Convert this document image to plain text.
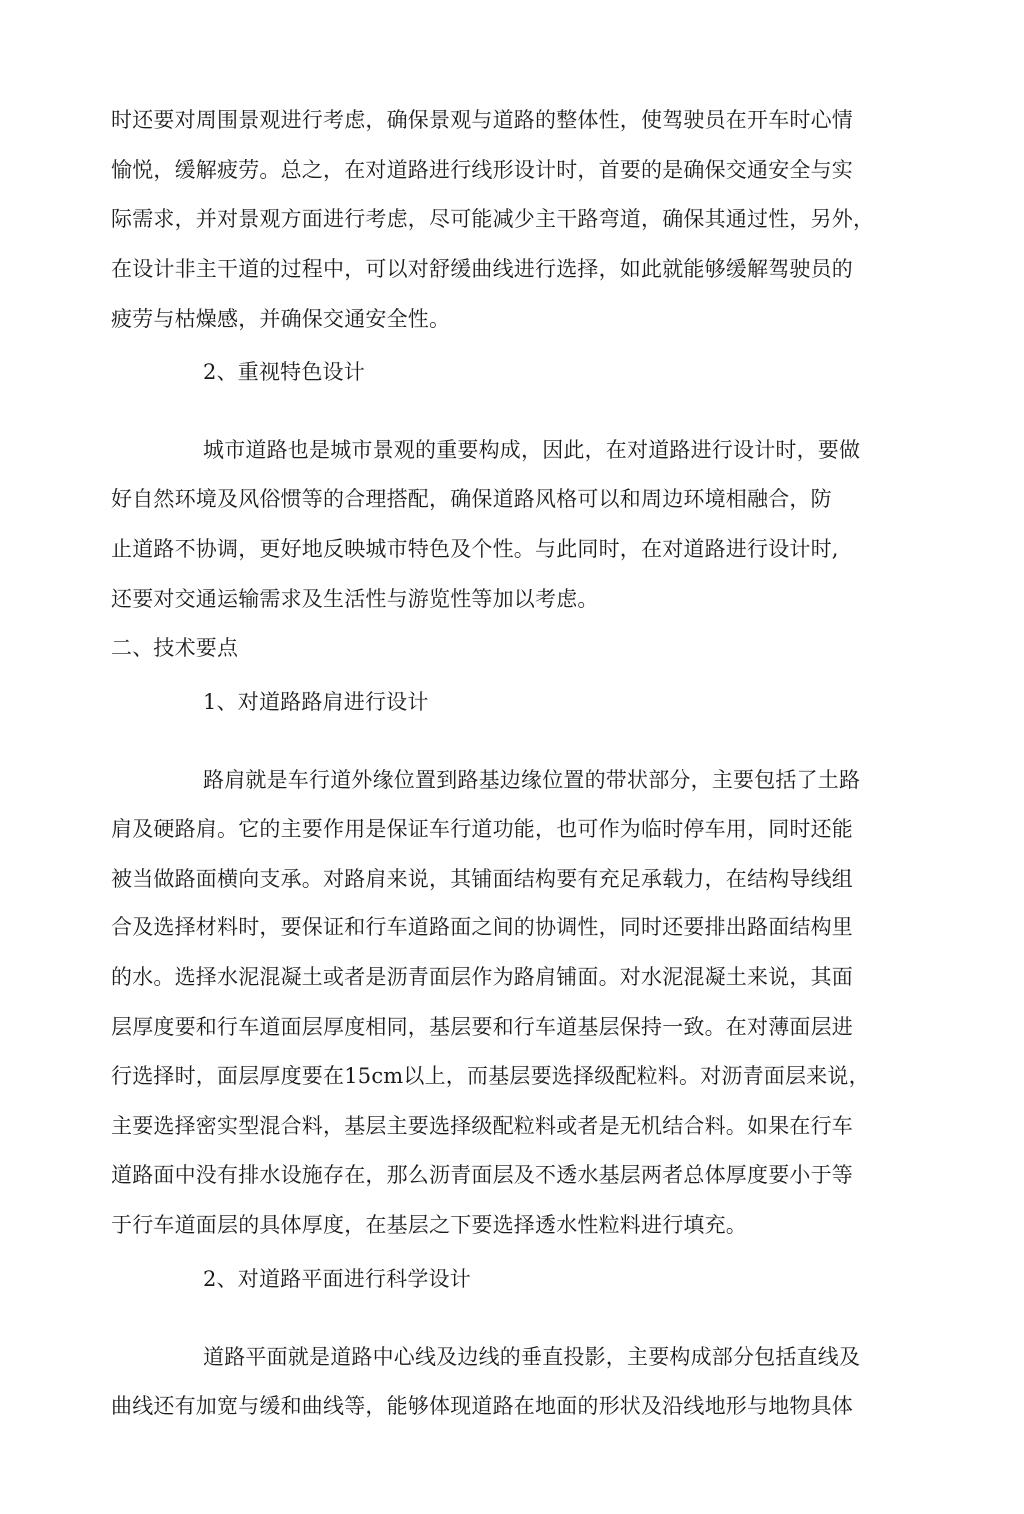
时还要对周围景观进行考虑，确保景观与道路的整体性，使驾驶员在开车时心情
愉悦，缓解疲劳。总之，在对道路进行线形设计时，首要的是确保交通安全与实
际需求，并对景观方面进行考虑，尽可能减少主干路弯道，确保其通过性，另外，
在设计非主干道的过程中，可以对舒缓曲线进行选择，如此就能够缓解驾驶员的
疲劳与枯燥感，并确保交通安全性。
2、重视特色设计
城市道路也是城市景观的重要构成，因此，在对道路进行设计时，要做
好自然环境及风俗惯等的合理搭配，确保道路风格可以和周边环境相融合，防
止道路不协调，更好地反映城市特色及个性。与此同时，在对道路进行设计时,
还要对交通运输需求及生活性与游览性等加以考虑。
二、技术要点
1、对道路路肩进行设计
路肩就是车行道外缘位置到路基边缘位置的带状部分，主要包括了土路
肩及硬路肩。它的主要作用是保证车行道功能，也可作为临时停车用，同时还能
被当做路面横向支承。对路肩来说，其铺面结构要有充足承载力，在结构导线组
合及选择材料时，要保证和行车道路面之间的协调性，同时还要排出路面结构里
的水。选择水泥混凝土或者是沥青面层作为路肩铺面。对水泥混凝土来说，其面
层厚度要和行车道面层厚度相同，基层要和行车道基层保持一致。在对薄面层进
行选择时，面层厚度要在15cm以上，而基层要选择级配粒料。对沥青面层来说，
主要选择密实型混合料，基层主要选择级配粒料或者是无机结合料。如果在行车
道路面中没有排水设施存在，那么沥青面层及不透水基层两者总体厚度要小于等
于行车道面层的具体厚度，在基层之下要选择透水性粒料进行填充。
2、对道路平面进行科学设计
道路平面就是道路中心线及边线的垂直投影，主要构成部分包括直线及
曲线还有加宽与缓和曲线等，能够体现道路在地面的形状及沿线地形与地物具体
